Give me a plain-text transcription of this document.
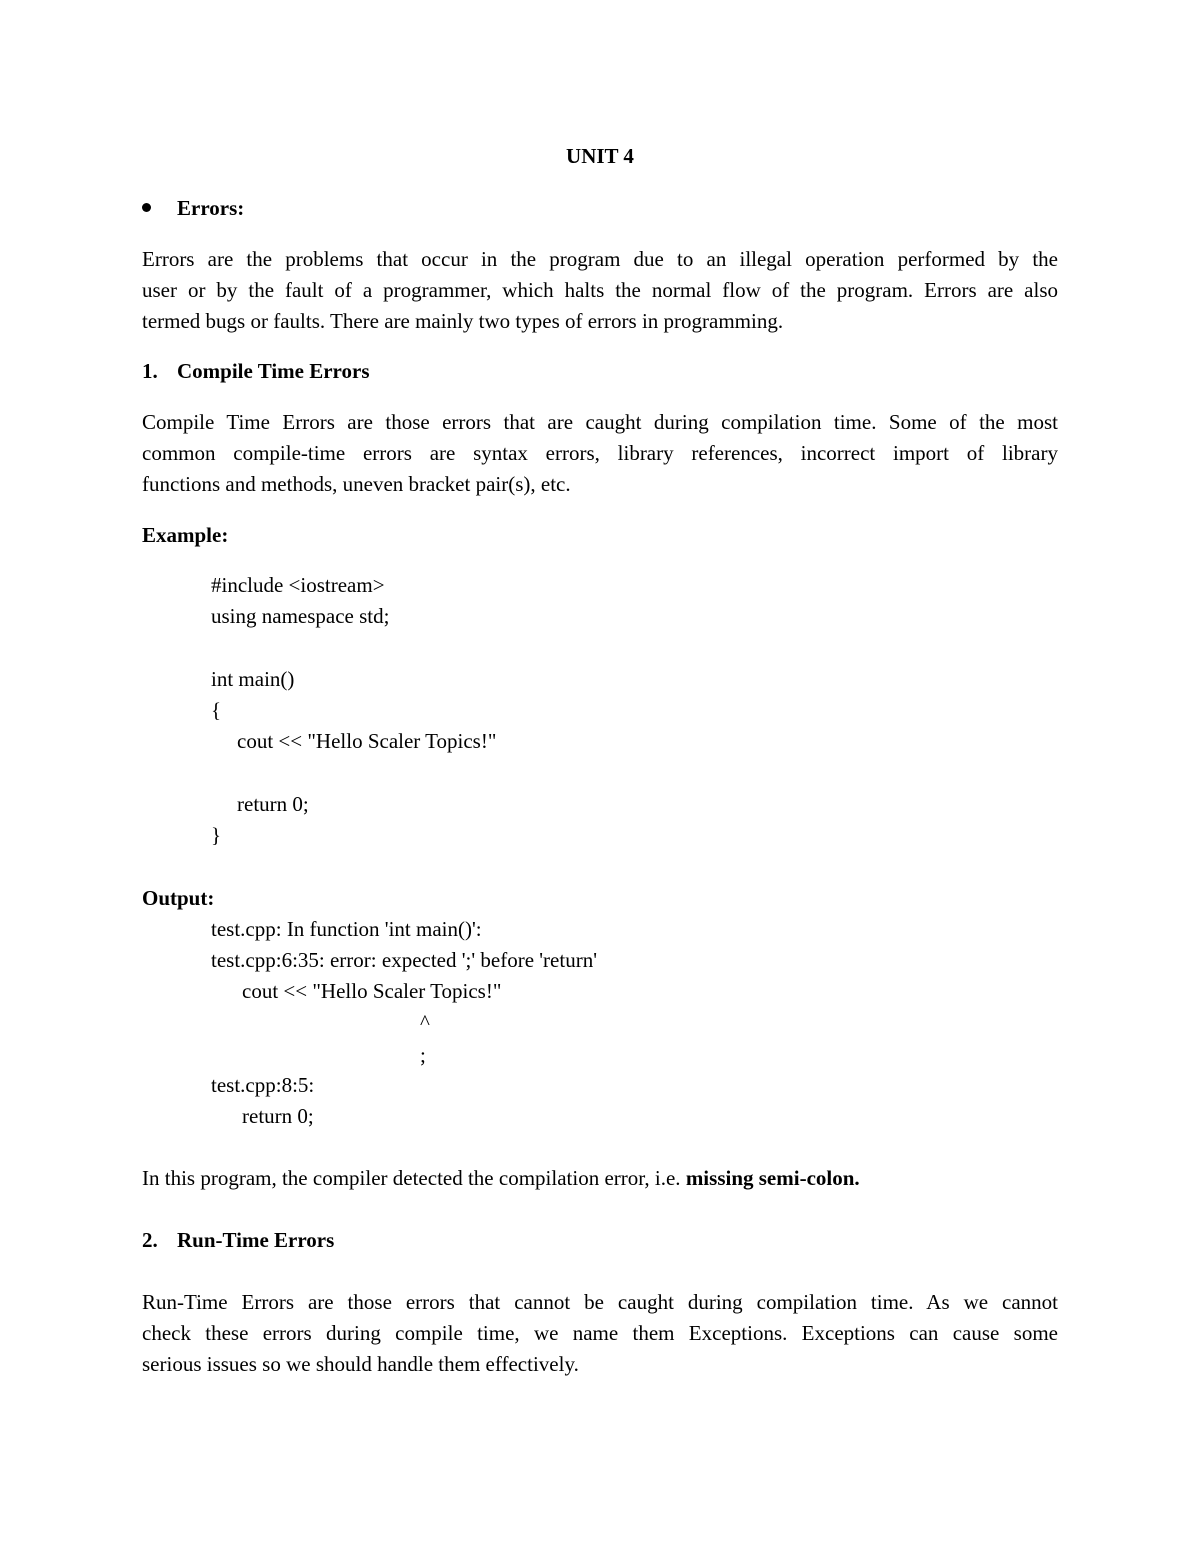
UNIT 4
Errors:
Errors are the problems that occur in the program due to an illegal operation performed by the
user or by the fault of a programmer, which halts the normal flow of the program. Errors are also
termed bugs or faults. There are mainly two types of errors in programming.
1. Compile Time Errors
Compile Time Errors are those errors that are caught during compilation time. Some of the most
common compile-time errors are syntax errors, library references, incorrect import of library
functions and methods, uneven bracket pair(s), etc.
Example:
#include <iostream>
using namespace std;
int main()
{
cout << "Hello Scaler Topics!"
return 0;
}
Output:
test.cpp: In function 'int main()':
test.cpp:6:35: error: expected ';' before 'return'
cout << "Hello Scaler Topics!"
^
;
test.cpp:8:5:
return 0;
In this program, the compiler detected the compilation error, i.e. missing semi-colon.
2. Run-Time Errors
Run-Time Errors are those errors that cannot be caught during compilation time. As we cannot
check these errors during compile time, we name them Exceptions. Exceptions can cause some
serious issues so we should handle them effectively.
